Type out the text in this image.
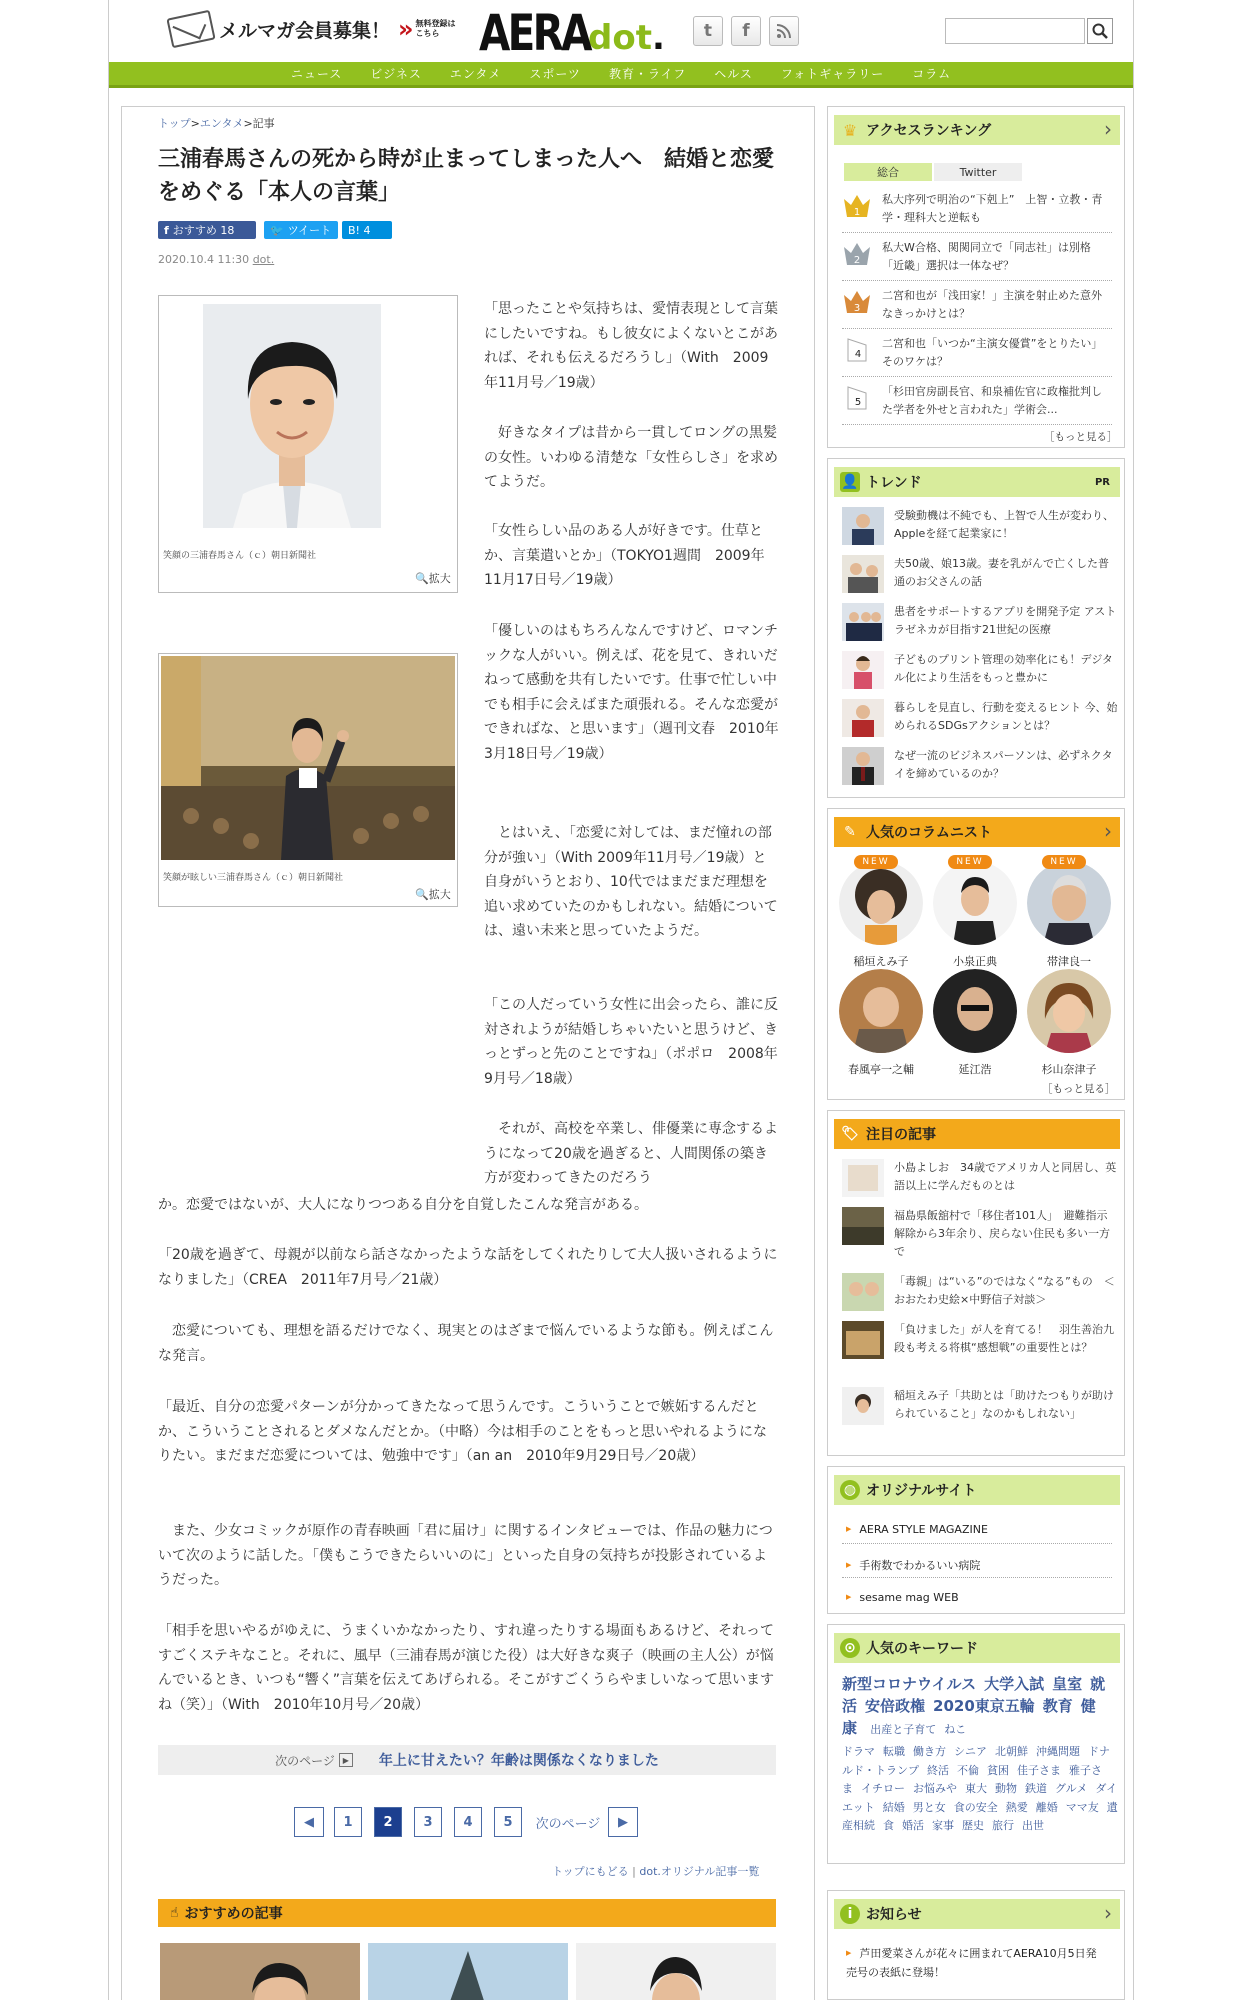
メルマガ会員募集！ » 無料登録は こちら AERA
dot. t f
ニュース	ビジネス	エンタメ	スポーツ	教育・ライフ	ヘルス	フォトギャラリー	コラム
トップ>エンタメ>記事
三浦春馬さんの死から時が止まってしまった人へ　結婚と恋愛をめぐる「本人の言葉」
f おすすめ 18	🐦 ツイート B! 4
2020.10.4 11:30 dot.
笑顔の三浦春馬さん（ｃ）朝日新聞社
🔍拡大
笑顔が眩しい三浦春馬さん（ｃ）朝日新聞社
🔍拡大
「思ったことや気持ちは、愛情表現として言葉にしたいですね。もし彼女によくないとこがあれば、それも伝えるだろうし」（With　2009年11月号／19歳）
　好きなタイプは昔から一貫してロングの黒髪の女性。いわゆる清楚な「女性らしさ」を求めてようだ。
「女性らしい品のある人が好きです。仕草とか、言葉遣いとか」（TOKYO1週間　2009年11月17日号／19歳）
「優しいのはもちろんなんですけど、ロマンチックな人がいい。例えば、花を見て、きれいだねって感動を共有したいです。仕事で忙しい中でも相手に会えばまた頑張れる。そんな恋愛ができればな、と思います」（週刊文春　2010年3月18日号／19歳）
　とはいえ、「恋愛に対しては、まだ憧れの部分が強い」（With 2009年11月号／19歳）と自身がいうとおり、10代ではまだまだ理想を追い求めていたのかもしれない。結婚については、遠い未来と思っていたようだ。
「この人だっていう女性に出会ったら、誰に反対されようが結婚しちゃいたいと思うけど、きっとずっと先のことですね」（ポポロ　2008年9月号／18歳）
　それが、高校を卒業し、俳優業に専念するようになって20歳を過ぎると、人間関係の築き方が変わってきたのだろう
か。恋愛ではないが、大人になりつつある自分を自覚したこんな発言がある。
「20歳を過ぎて、母親が以前なら話さなかったような話をしてくれたりして大人扱いされるようになりました」（CREA　2011年7月号／21歳）
　恋愛についても、理想を語るだけでなく、現実とのはざまで悩んでいるような節も。例えばこんな発言。
「最近、自分の恋愛パターンが分かってきたなって思うんです。こういうことで嫉妬するんだとか、こういうことされるとダメなんだとか。（中略）今は相手のことをもっと思いやれるようになりたい。まだまだ恋愛については、勉強中です」（an an　2010年9月29日号／20歳）
　また、少女コミックが原作の青春映画「君に届け」に関するインタビューでは、作品の魅力について次のように話した。「僕もこうできたらいいのに」といった自身の気持ちが投影されているようだった。
「相手を思いやるがゆえに、うまくいかなかったり、すれ違ったりする場面もあるけど、それってすごくステキなこと。それに、風早（三浦春馬が演じた役）は大好きな爽子（映画の主人公）が悩んでいるとき、いつも“響く”言葉を伝えてあげられる。そこがすごくうらやましいなって思いますね（笑）」（With　2010年10月号／20歳）
次のページ ▶ 年上に甘えたい？年齢は関係なくなりました
◀	1	2	3	4	5	次のページ	▶
トップにもどる | dot.オリジナル記事一覧
☝ おすすめの記事
♛ アクセスランキング	›
総合	Twitter
1
私大序列で明治の“下剋上”　上智・立教・青学・理科大と逆転も
2
私大W合格、関関同立で「同志社」は別格　「近畿」選択は一体なぜ？
3
二宮和也が「浅田家！」主演を射止めた意外なきっかけとは？
4
二宮和也「いつか“主演女優賞”をとりたい」そのワケは？
5
「杉田官房副長官、和泉補佐官に政権批判した学者を外せと言われた」学術会...
［もっと見る］
👤 トレンド	PR
受験動機は不純でも、上智で人生が変わり、Appleを経て起業家に！
夫50歳、娘13歳。妻を乳がんで亡くした普通のお父さんの話
患者をサポートするアプリを開発予定 アストラゼネカが目指す21世紀の医療
子どものプリント管理の効率化にも！デジタル化により生活をもっと豊かに
暮らしを見直し、行動を変えるヒント 今、始められるSDGsアクションとは？
なぜ一流のビジネスパーソンは、必ずネクタイを締めているのか？
✎ 人気のコラムニスト	›
NEW
稲垣えみ子
NEW
小泉正典
NEW
帯津良一
春風亭一之輔	延江浩	杉山奈津子
［もっと見る］
🏷 注目の記事
小島よしお　34歳でアメリカ人と同居し、英語以上に学んだものとは
福島県飯舘村で「移住者101人」　避難指示解除から3年余り、戻らない住民も多い一方で
「毒親」は“いる”のではなく“なる”もの　＜おおたわ史絵×中野信子対談＞
「負けました」が人を育てる！　羽生善治九段も考える将棋“感想戦”の重要性とは？
稲垣えみ子「共助とは「助けたつもりが助けられていること」なのかもしれない」
◍ オリジナルサイト
▶ AERA STYLE MAGAZINE
▶ 手術数でわかるいい病院
▶ sesame mag WEB
⊙ 人気のキーワード
新型コロナウイルス 大学入試 皇室 就活 安倍政権 2020東京五輪 教育 健康 出産と子育て ねこ
ドラマ 転職 働き方 シニア 北朝鮮 沖縄問題 ドナルド・トランプ 終活 不倫 貧困 佳子さま 雅子さま イチロー お悩みや 東大 動物 鉄道 グルメ ダイエット 結婚 男と女 食の安全 熱愛 離婚 ママ友 遺産相続 食 婚活 家事 歴史 旅行 出世
i お知らせ	›
▶ 芦田愛菜さんが花々に囲まれてAERA10月5日発売号の表紙に登場！
